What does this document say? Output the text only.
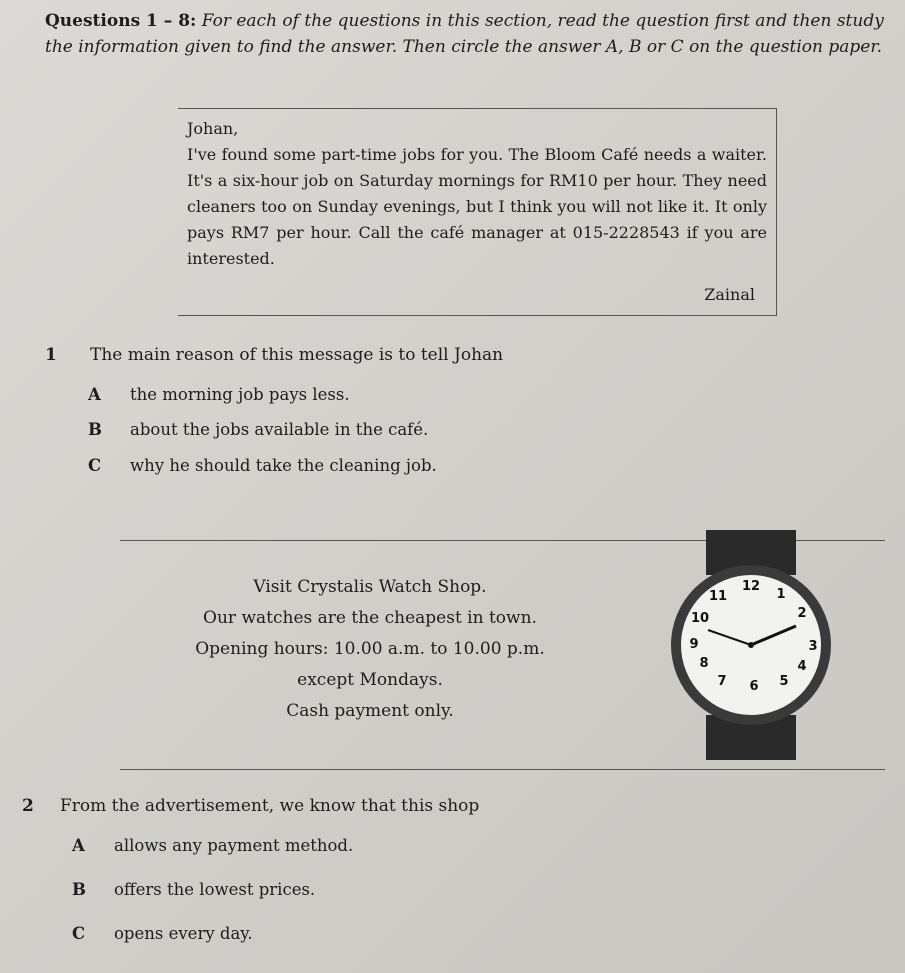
Questions 1 – 8: For each of the questions in this section, read the question first and then study the information given to find the answer. Then circle the answer A, B or C on the question paper.

Johan,

I've found some part-time jobs for you. The Bloom Café needs a waiter. It's a six-hour job on Saturday mornings for RM10 per hour. They need cleaners too on Sunday evenings, but I think you will not like it. It only pays RM7 per hour. Call the café manager at 015-2228543 if you are interested.

Zainal

1 The main reason of this message is to tell Johan
A the morning job pays less.
B about the jobs available in the café.
C why he should take the cleaning job.
Visit Crystalis Watch Shop.
Our watches are the cheapest in town.
Opening hours: 10.00 a.m. to 10.00 p.m.
except Mondays.
Cash payment only.
12
1
2
3
4
5
6
7
8
9
10
11
2 From the advertisement, we know that this shop
A allows any payment method.
B offers the lowest prices.
C opens every day.
